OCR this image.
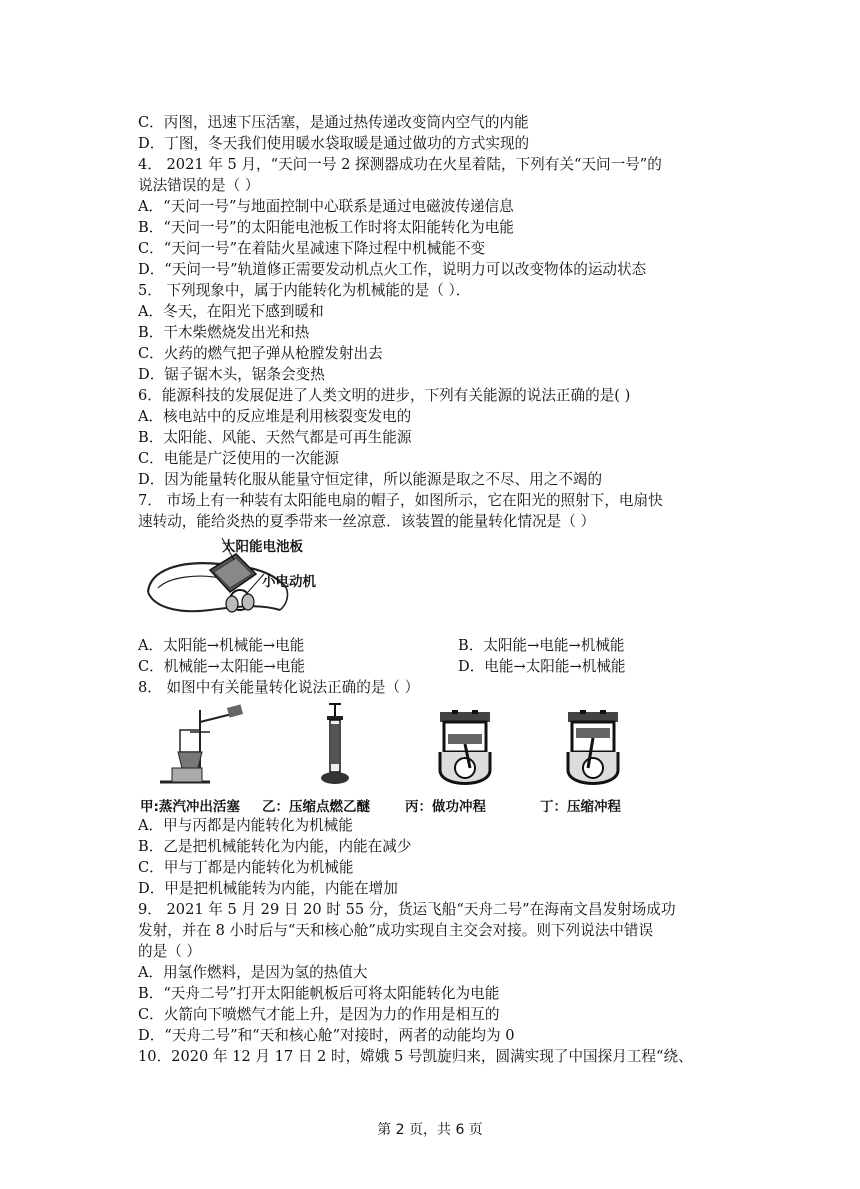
C．丙图，迅速下压活塞，是通过热传递改变筒内空气的内能
D．丁图，冬天我们使用暖水袋取暖是通过做功的方式实现的
4． 2021 年 5 月，“天问一号 2 探测器成功在火星着陆，下列有关“天问一号”的
说法错误的是（ ）
A．“天问一号”与地面控制中心联系是通过电磁波传递信息
B．“天问一号”的太阳能电池板工作时将太阳能转化为电能
C．“天问一号”在着陆火星减速下降过程中机械能不变
D．“天问一号”轨道修正需要发动机点火工作，说明力可以改变物体的运动状态
5． 下列现象中，属于内能转化为机械能的是（ ）．
A．冬天，在阳光下感到暖和
B．干木柴燃烧发出光和热
C．火药的燃气把子弹从枪膛发射出去
D．锯子锯木头，锯条会变热
6．能源科技的发展促进了人类文明的进步，下列有关能源的说法正确的是( )
A．核电站中的反应堆是利用核裂变发电的
B．太阳能、风能、天然气都是可再生能源
C．电能是广泛使用的一次能源
D．因为能量转化服从能量守恒定律，所以能源是取之不尽、用之不竭的
7． 市场上有一种装有太阳能电扇的帽子，如图所示，它在阳光的照射下，电扇快
速转动，能给炎热的夏季带来一丝凉意．该装置的能量转化情况是（ ）
太阳能电池板
小电动机
A．太阳能→机械能→电能	B．太阳能→电能→机械能
C．机械能→太阳能→电能	D．电能→太阳能→机械能
8． 如图中有关能量转化说法正确的是（ ）
甲:蒸汽冲出活塞 乙：压缩点燃乙醚	丙：做功冲程	丁：压缩冲程
A．甲与丙都是内能转化为机械能
B．乙是把机械能转化为内能，内能在减少
C．甲与丁都是内能转化为机械能
D．甲是把机械能转为内能，内能在增加
9． 2021 年 5 月 29 日 20 时 55 分，货运飞船“天舟二号”在海南文昌发射场成功
发射，并在 8 小时后与“天和核心舱”成功实现自主交会对接。则下列说法中错误
的是（ ）
A．用氢作燃料，是因为氢的热值大
B．“天舟二号”打开太阳能帆板后可将太阳能转化为电能
C．火箭向下喷燃气才能上升，是因为力的作用是相互的
D．“天舟二号”和“天和核心舱”对接时，两者的动能均为 0
10．2020 年 12 月 17 日 2 时，嫦娥 5 号凯旋归来，圆满实现了中国探月工程“绕、
第 2 页，共 6 页
